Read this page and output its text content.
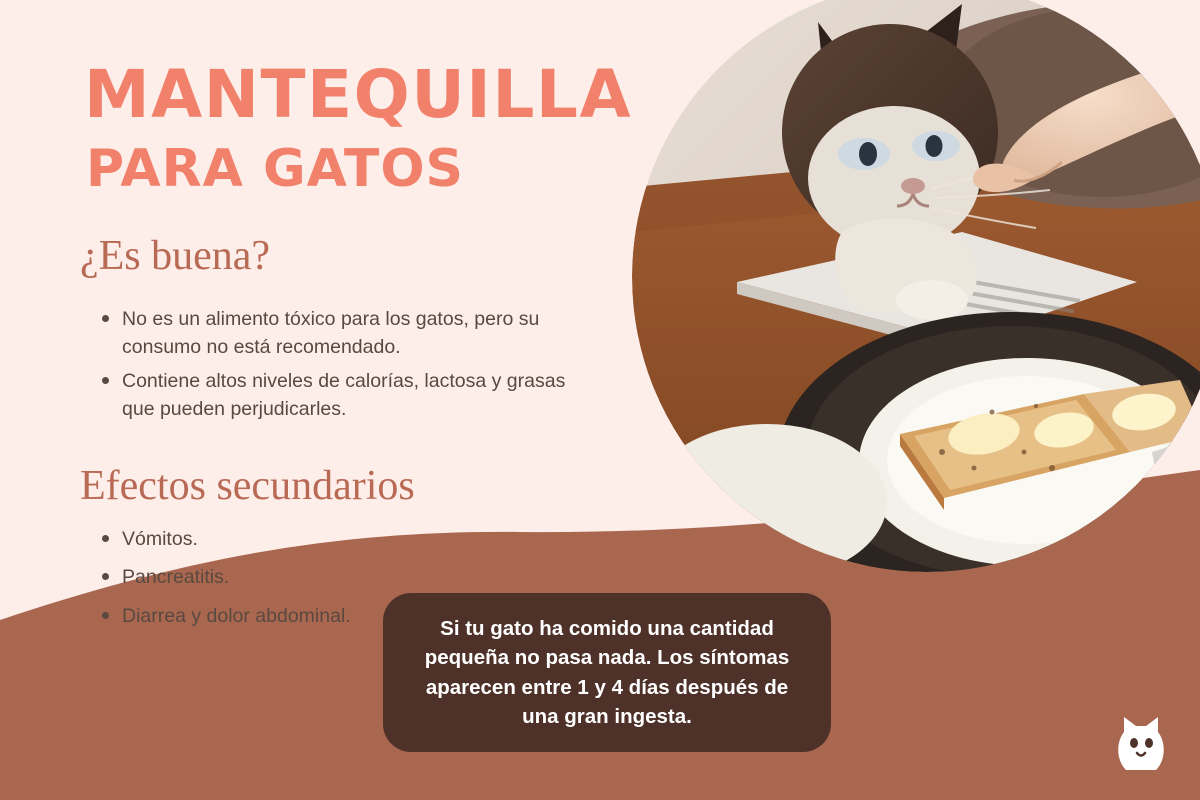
MANTEQUILLA
PARA GATOS
¿Es buena?
No es un alimento tóxico para los gatos, pero su consumo no está recomendado.
Contiene altos niveles de calorías, lactosa y grasas que pueden perjudicarles.
Efectos secundarios
Vómitos.
Pancreatitis.
Diarrea y dolor abdominal.

Si tu gato ha comido una cantidad pequeña no pasa nada. Los síntomas aparecen entre 1 y 4 días después de una gran ingesta.
